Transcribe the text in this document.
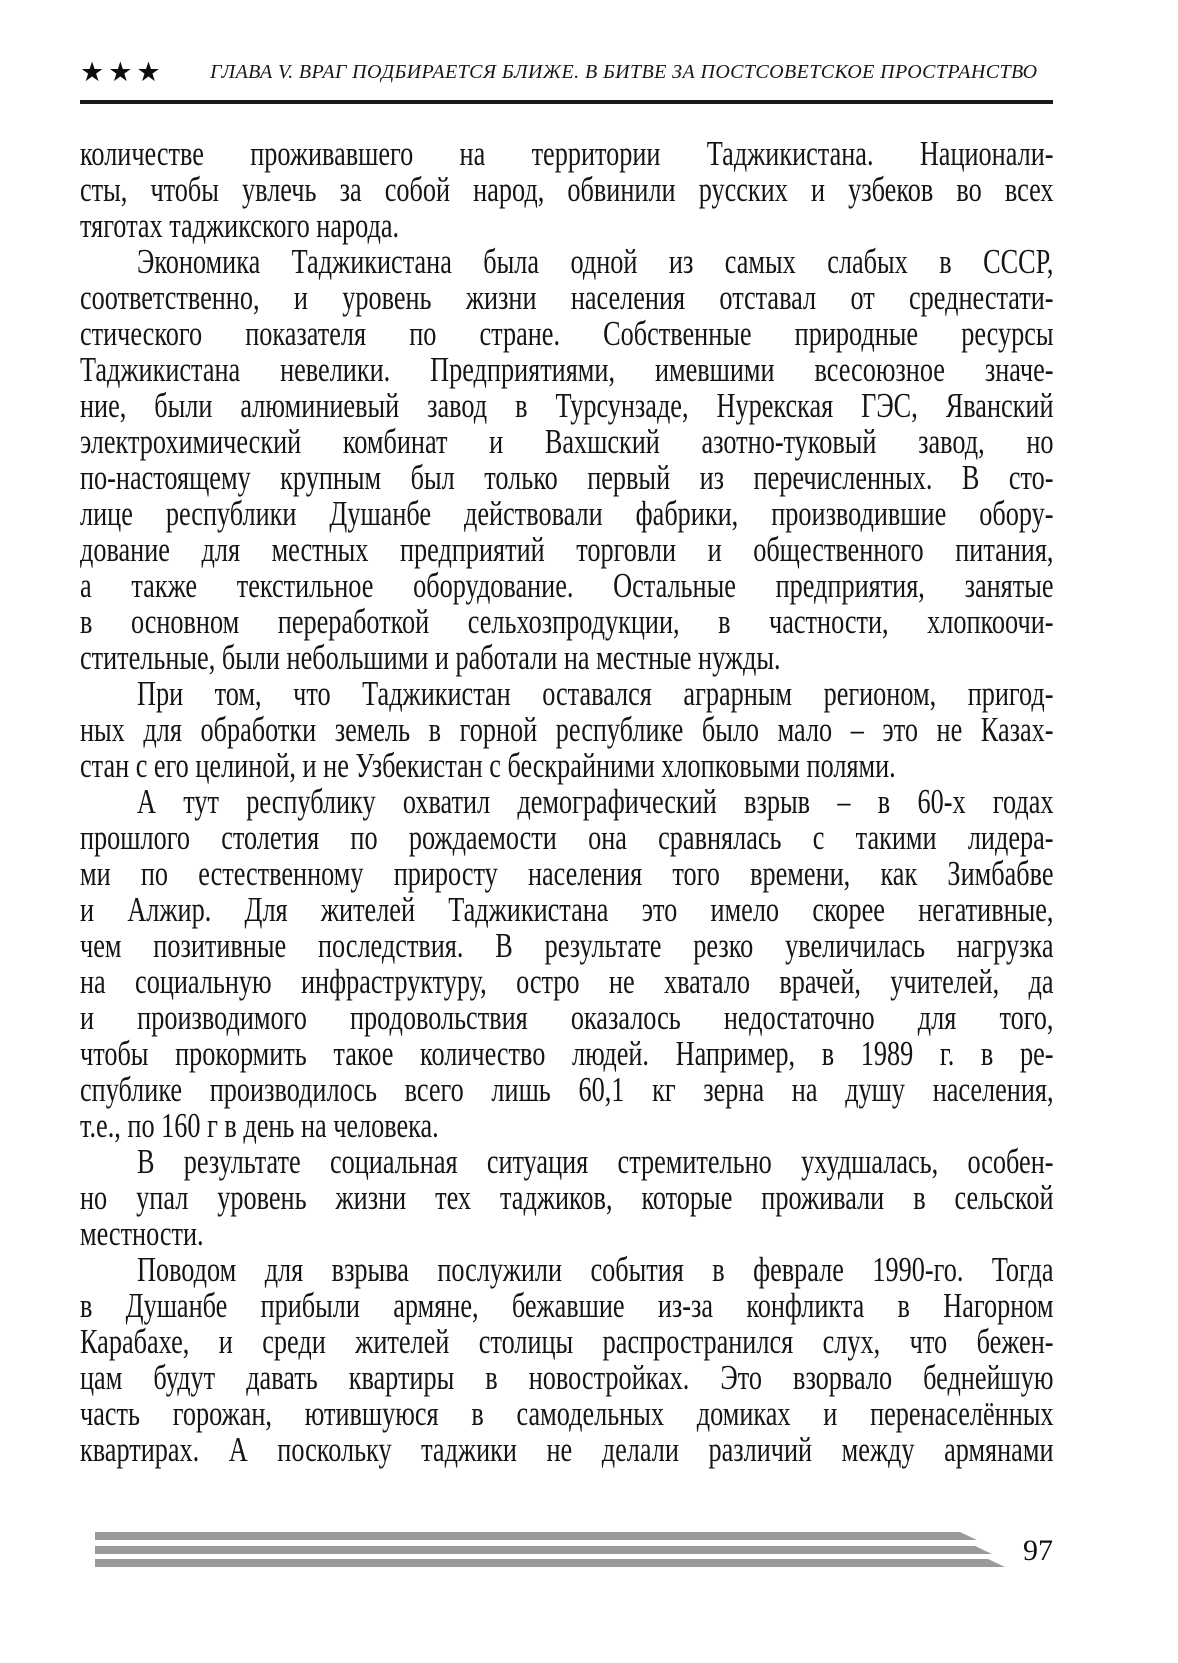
★★★	ГЛАВА V. ВРАГ ПОДБИРАЕТСЯ БЛИЖЕ. В БИТВЕ ЗА ПОСТСОВЕТСКОЕ ПРОСТРАНСТВО
количестве проживавшего на территории Таджикистана. Национали-
сты, чтобы увлечь за собой народ, обвинили русских и узбеков во всех
тяготах таджикского народа.
Экономика Таджикистана была одной из самых слабых в СССР,
соответственно, и уровень жизни населения отставал от среднестати-
стического показателя по стране. Собственные природные ресурсы
Таджикистана невелики. Предприятиями, имевшими всесоюзное значе-
ние, были алюминиевый завод в Турсунзаде, Нурекская ГЭС, Яванский
электрохимический комбинат и Вахшский азотно-туковый завод, но
по-настоящему крупным был только первый из перечисленных. В сто-
лице республики Душанбе действовали фабрики, производившие обору-
дование для местных предприятий торговли и общественного питания,
а также текстильное оборудование. Остальные предприятия, занятые
в основном переработкой сельхозпродукции, в частности, хлопкоочи-
стительные, были небольшими и работали на местные нужды.
При том, что Таджикистан оставался аграрным регионом, пригод-
ных для обработки земель в горной республике было мало – это не Казах-
стан с его целиной, и не Узбекистан с бескрайними хлопковыми полями.
А тут республику охватил демографический взрыв – в 60-х годах
прошлого столетия по рождаемости она сравнялась с такими лидера-
ми по естественному приросту населения того времени, как Зимбабве
и Алжир. Для жителей Таджикистана это имело скорее негативные,
чем позитивные последствия. В результате резко увеличилась нагрузка
на социальную инфраструктуру, остро не хватало врачей, учителей, да
и производимого продовольствия оказалось недостаточно для того,
чтобы прокормить такое количество людей. Например, в 1989 г. в ре-
спублике производилось всего лишь 60,1 кг зерна на душу населения,
т.е., по 160 г в день на человека.
В результате социальная ситуация стремительно ухудшалась, особен-
но упал уровень жизни тех таджиков, которые проживали в сельской
местности.
Поводом для взрыва послужили события в феврале 1990-го. Тогда
в Душанбе прибыли армяне, бежавшие из-за конфликта в Нагорном
Карабахе, и среди жителей столицы распространился слух, что бежен-
цам будут давать квартиры в новостройках. Это взорвало беднейшую
часть горожан, ютившуюся в самодельных домиках и перенаселённых
квартирах. А поскольку таджики не делали различий между армянами
97
